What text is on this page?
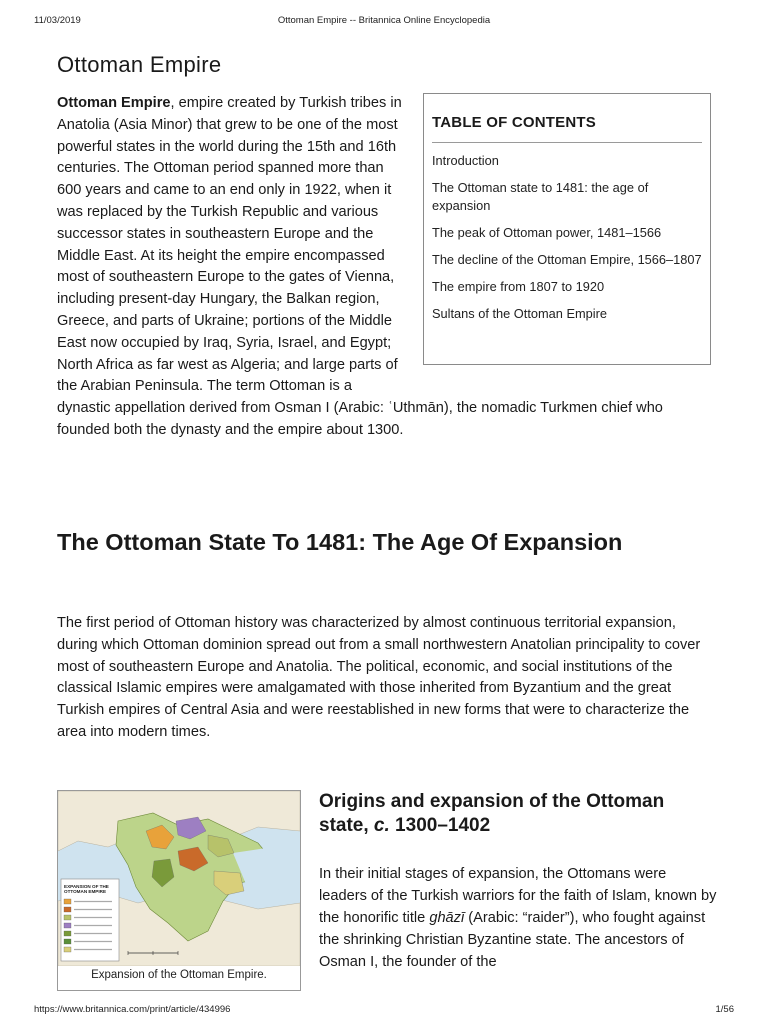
11/03/2019	Ottoman Empire -- Britannica Online Encyclopedia
Ottoman Empire
TABLE OF CONTENTS
Introduction
The Ottoman state to 1481: the age of expansion
The peak of Ottoman power, 1481–1566
The decline of the Ottoman Empire, 1566–1807
The empire from 1807 to 1920
Sultans of the Ottoman Empire
Ottoman Empire, empire created by Turkish tribes in Anatolia (Asia Minor) that grew to be one of the most powerful states in the world during the 15th and 16th centuries. The Ottoman period spanned more than 600 years and came to an end only in 1922, when it was replaced by the Turkish Republic and various successor states in southeastern Europe and the Middle East. At its height the empire encompassed most of southeastern Europe to the gates of Vienna, including present-day Hungary, the Balkan region, Greece, and parts of Ukraine; portions of the Middle East now occupied by Iraq, Syria, Israel, and Egypt; North Africa as far west as Algeria; and large parts of the Arabian Peninsula. The term Ottoman is a dynastic appellation derived from Osman I (Arabic: ʿUthmān), the nomadic Turkmen chief who founded both the dynasty and the empire about 1300.
The Ottoman State To 1481: The Age Of Expansion

The first period of Ottoman history was characterized by almost continuous territorial expansion, during which Ottoman dominion spread out from a small northwestern Anatolian principality to cover most of southeastern Europe and Anatolia. The political, economic, and social institutions of the classical Islamic empires were amalgamated with those inherited from Byzantium and the great Turkish empires of Central Asia and were reestablished in new forms that were to characterize the area into modern times.

EXPANSION OF THE OTTOMAN EMPIRE
Expansion of the Ottoman Empire.
Origins and expansion of the Ottoman state, c. 1300–1402

In their initial stages of expansion, the Ottomans were leaders of the Turkish warriors for the faith of Islam, known by the honorific title ghāzī (Arabic: “raider”), who fought against the shrinking Christian Byzantine state. The ancestors of Osman I, the founder of the

https://www.britannica.com/print/article/434996	1/56
